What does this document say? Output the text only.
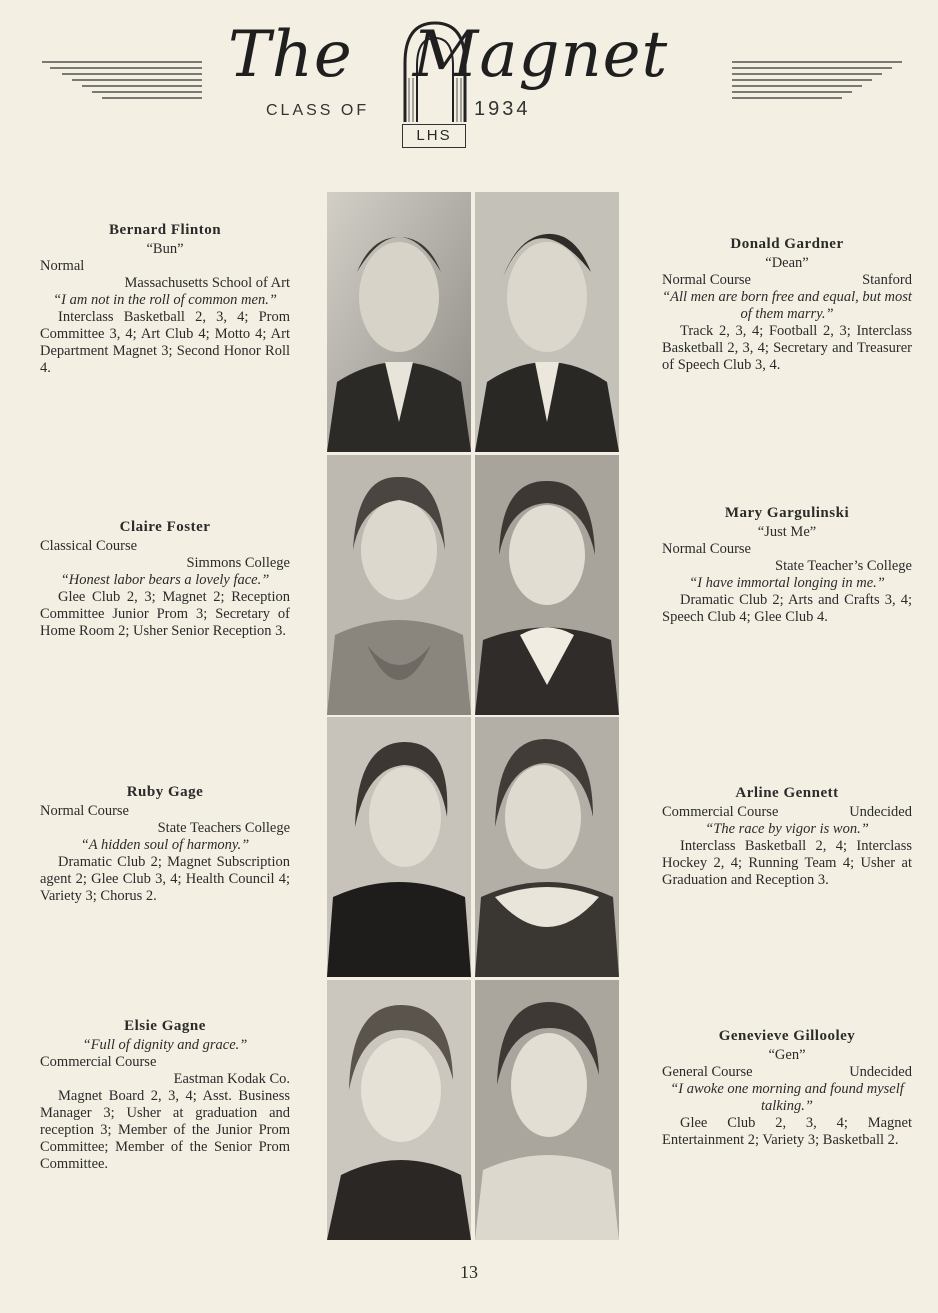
The Magnet
CLASS OF	1934
LHS
Bernard Flinton
“Bun”
Normal
Massachusetts School of Art
“I am not in the roll of common men.”
Interclass Basketball 2, 3, 4; Prom Committee 3, 4; Art Club 4; Motto 4; Art Department Magnet 3; Second Honor Roll 4.
Donald Gardner
“Dean”
Normal Course	Stanford
“All men are born free and equal, but most of them marry.”
Track 2, 3, 4; Football 2, 3; Interclass Basketball 2, 3, 4; Secretary and Treasurer of Speech Club 3, 4.
Claire Foster
Classical Course
Simmons College
“Honest labor bears a lovely face.”
Glee Club 2, 3; Magnet 2; Reception Committee Junior Prom 3; Secretary of Home Room 2; Usher Senior Reception 3.
Mary Gargulinski
“Just Me”
Normal Course
State Teacher’s College
“I have immortal longing in me.”
Dramatic Club 2; Arts and Crafts 3, 4; Speech Club 4; Glee Club 4.
Ruby Gage
Normal Course
State Teachers College
“A hidden soul of harmony.”
Dramatic Club 2; Magnet Subscription agent 2; Glee Club 3, 4; Health Council 4; Variety 3; Chorus 2.
Arline Gennett
Commercial Course	Undecided
“The race by vigor is won.”
Interclass Basketball 2, 4; Interclass Hockey 2, 4; Running Team 4; Usher at Graduation and Reception 3.
Elsie Gagne
“Full of dignity and grace.”
Commercial Course
Eastman Kodak Co.
Magnet Board 2, 3, 4; Asst. Business Manager 3; Usher at graduation and reception 3; Member of the Junior Prom Committee; Member of the Senior Prom Committee.
Genevieve Gillooley
“Gen”
General Course	Undecided
“I awoke one morning and found myself talking.”
Glee Club 2, 3, 4; Magnet Entertainment 2; Variety 3; Basketball 2.
13
